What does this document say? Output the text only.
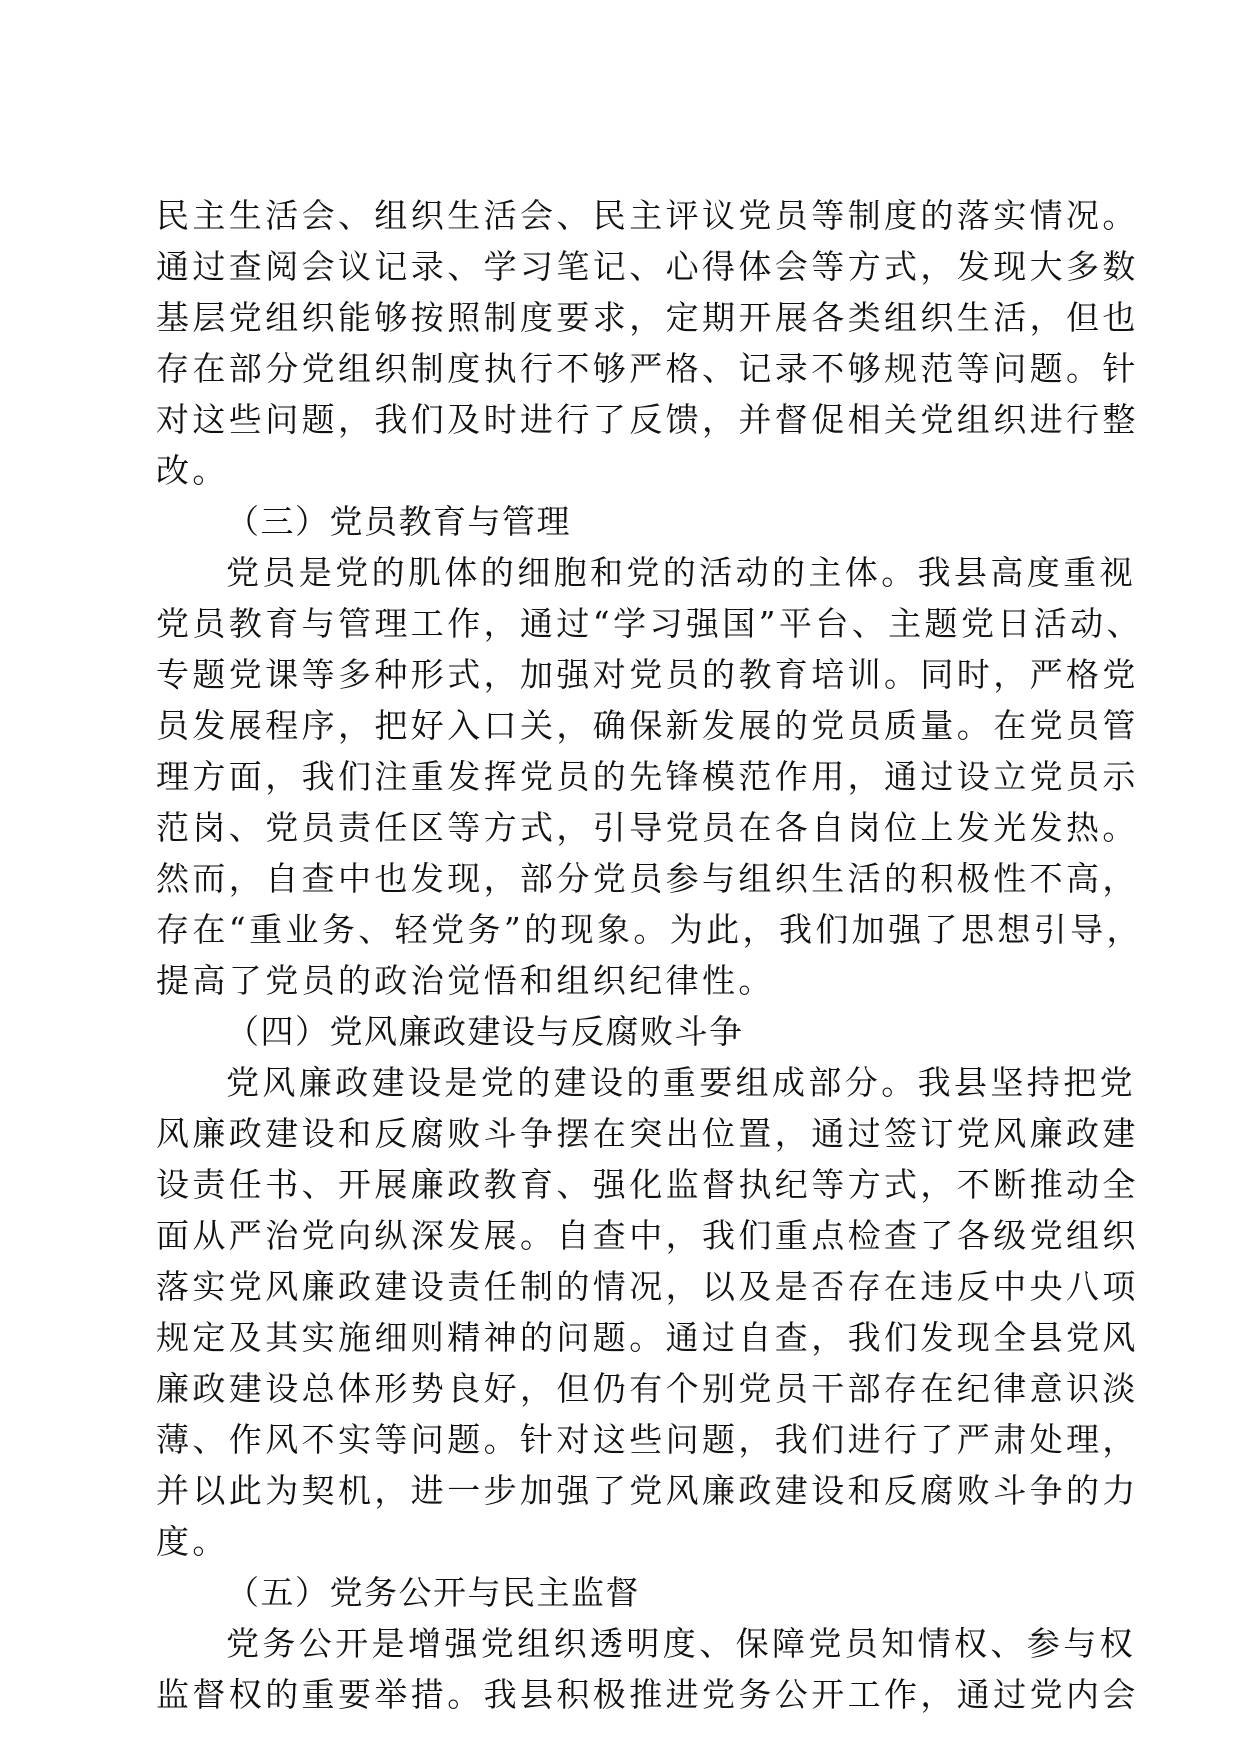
民主生活会、组织生活会、民主评议党员等制度的落实情况。
通过查阅会议记录、学习笔记、心得体会等方式，发现大多数
基层党组织能够按照制度要求，定期开展各类组织生活，但也
存在部分党组织制度执行不够严格、记录不够规范等问题。针
对这些问题，我们及时进行了反馈，并督促相关党组织进行整
改。
（三）党员教育与管理
党员是党的肌体的细胞和党的活动的主体。我县高度重视
党员教育与管理工作，通过“学习强国”平台、主题党日活动、
专题党课等多种形式，加强对党员的教育培训。同时，严格党
员发展程序，把好入口关，确保新发展的党员质量。在党员管
理方面，我们注重发挥党员的先锋模范作用，通过设立党员示
范岗、党员责任区等方式，引导党员在各自岗位上发光发热。
然而，自查中也发现，部分党员参与组织生活的积极性不高，
存在“重业务、轻党务”的现象。为此，我们加强了思想引导，
提高了党员的政治觉悟和组织纪律性。
（四）党风廉政建设与反腐败斗争
党风廉政建设是党的建设的重要组成部分。我县坚持把党
风廉政建设和反腐败斗争摆在突出位置，通过签订党风廉政建
设责任书、开展廉政教育、强化监督执纪等方式，不断推动全
面从严治党向纵深发展。自查中，我们重点检查了各级党组织
落实党风廉政建设责任制的情况，以及是否存在违反中央八项
规定及其实施细则精神的问题。通过自查，我们发现全县党风
廉政建设总体形势良好，但仍有个别党员干部存在纪律意识淡
薄、作风不实等问题。针对这些问题，我们进行了严肃处理，
并以此为契机，进一步加强了党风廉政建设和反腐败斗争的力
度。
（五）党务公开与民主监督
党务公开是增强党组织透明度、保障党员知情权、参与权
监督权的重要举措。我县积极推进党务公开工作，通过党内会
